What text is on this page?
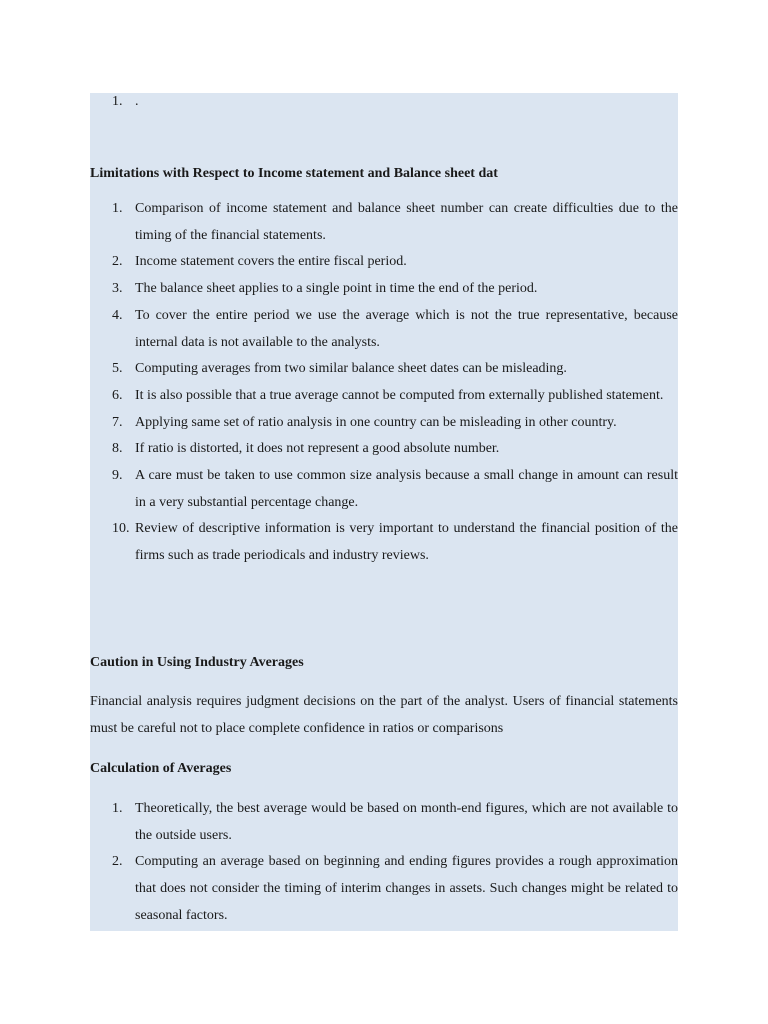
1. .
Limitations with Respect to Income statement and Balance sheet dat
1. Comparison of income statement and balance sheet number can create difficulties due to the timing of the financial statements.
2. Income statement covers the entire fiscal period.
3. The balance sheet applies to a single point in time the end of the period.
4. To cover the entire period we use the average which is not the true representative, because internal data is not available to the analysts.
5. Computing averages from two similar balance sheet dates can be misleading.
6. It is also possible that a true average cannot be computed from externally published statement.
7. Applying same set of ratio analysis in one country can be misleading in other country.
8. If ratio is distorted, it does not represent a good absolute number.
9. A care must be taken to use common size analysis because a small change in amount can result in a very substantial percentage change.
10. Review of descriptive information is very important to understand the financial position of the firms such as trade periodicals and industry reviews.
Caution in Using Industry Averages
Financial analysis requires judgment decisions on the part of the analyst. Users of financial statements must be careful not to place complete confidence in ratios or comparisons
Calculation of Averages
1. Theoretically, the best average would be based on month-end figures, which are not available to the outside users.
2. Computing an average based on beginning and ending figures provides a rough approximation that does not consider the timing of interim changes in assets. Such changes might be related to seasonal factors.
